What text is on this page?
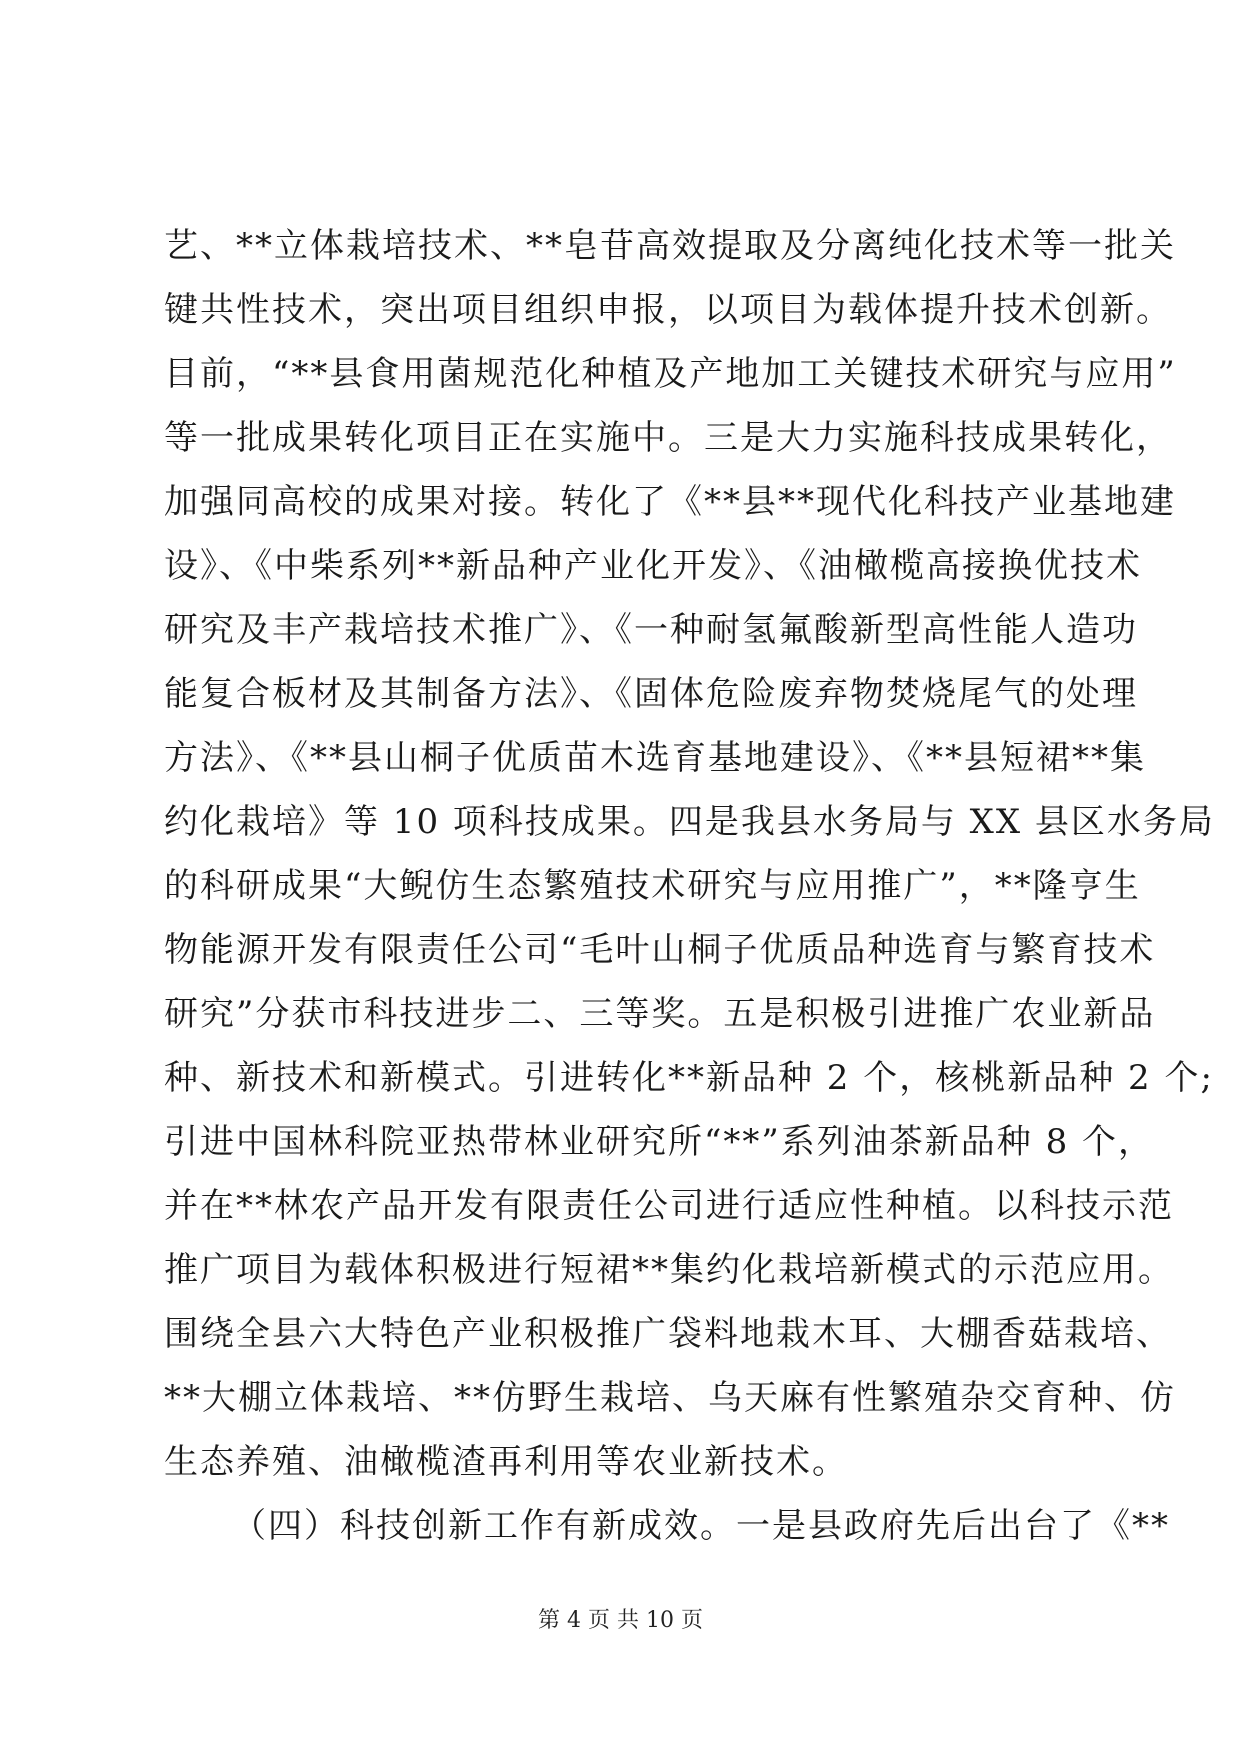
艺、**立体栽培技术、**皂苷高效提取及分离纯化技术等一批关
键共性技术，突出项目组织申报，以项目为载体提升技术创新。
目前，“**县食用菌规范化种植及产地加工关键技术研究与应用”
等一批成果转化项目正在实施中。三是大力实施科技成果转化，
加强同高校的成果对接。转化了《**县**现代化科技产业基地建
设》、《中柴系列**新品种产业化开发》、《油橄榄高接换优技术
研究及丰产栽培技术推广》、《一种耐氢氟酸新型高性能人造功
能复合板材及其制备方法》、《固体危险废弃物焚烧尾气的处理
方法》、《**县山桐子优质苗木选育基地建设》、《**县短裙**集
约化栽培》等 10 项科技成果。四是我县水务局与 XX 县区水务局
的科研成果“大鲵仿生态繁殖技术研究与应用推广”，**隆亨生
物能源开发有限责任公司“毛叶山桐子优质品种选育与繁育技术
研究”分获市科技进步二、三等奖。五是积极引进推广农业新品
种、新技术和新模式。引进转化**新品种 2 个，核桃新品种 2 个;
引进中国林科院亚热带林业研究所“**”系列油茶新品种 8 个，
并在**林农产品开发有限责任公司进行适应性种植。以科技示范
推广项目为载体积极进行短裙**集约化栽培新模式的示范应用。
围绕全县六大特色产业积极推广袋料地栽木耳、大棚香菇栽培、
**大棚立体栽培、**仿野生栽培、乌天麻有性繁殖杂交育种、仿
生态养殖、油橄榄渣再利用等农业新技术。
（四）科技创新工作有新成效。一是县政府先后出台了《**
第 4 页 共 10 页
